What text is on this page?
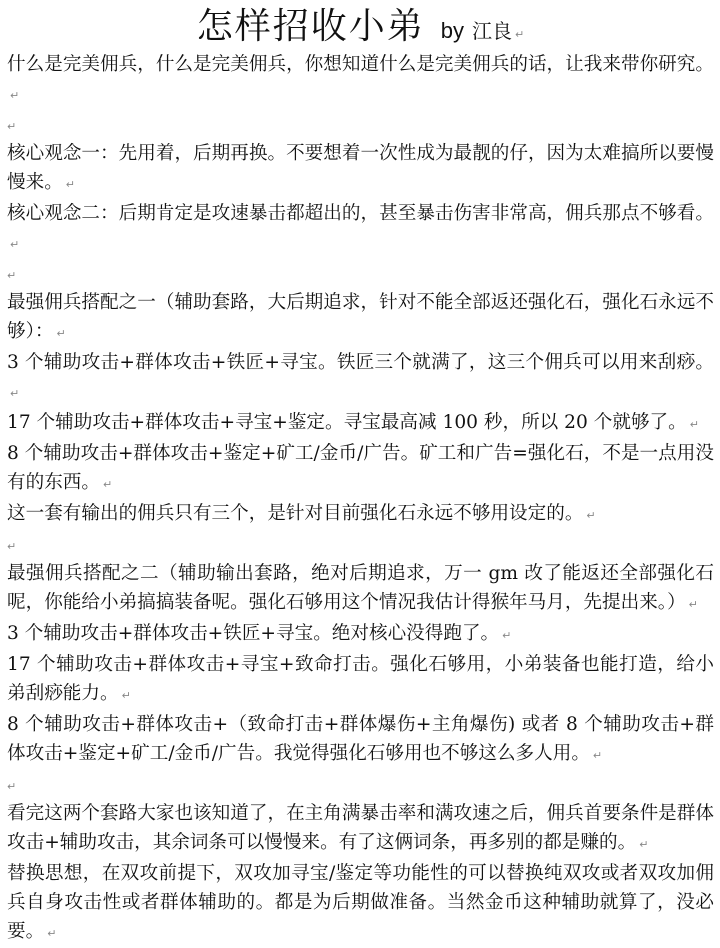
怎样招收小弟 by 江良 ↵

什么是完美佣兵，什么是完美佣兵，你想知道什么是完美佣兵的话，让我来带你研究。↵

↵

核心观念一：先用着，后期再换。不要想着一次性成为最靓的仔，因为太难搞所以要慢慢来。 ↵

核心观念二：后期肯定是攻速暴击都超出的，甚至暴击伤害非常高，佣兵那点不够看。↵

↵

最强佣兵搭配之一（辅助套路，大后期追求，针对不能全部返还强化石，强化石永远不够）： ↵

3 个辅助攻击+群体攻击+铁匠+寻宝。铁匠三个就满了，这三个佣兵可以用来刮痧。↵

17 个辅助攻击+群体攻击+寻宝+鉴定。寻宝最高减 100 秒，所以 20 个就够了。 ↵

8 个辅助攻击+群体攻击+鉴定+矿工/金币/广告。矿工和广告=强化石，不是一点用没有的东西。 ↵

这一套有输出的佣兵只有三个，是针对目前强化石永远不够用设定的。 ↵

↵

最强佣兵搭配之二（辅助输出套路，绝对后期追求，万一 gm 改了能返还全部强化石呢，你能给小弟搞搞装备呢。强化石够用这个情况我估计得猴年马月，先提出来。） ↵

3 个辅助攻击+群体攻击+铁匠+寻宝。绝对核心没得跑了。 ↵

17 个辅助攻击+群体攻击+寻宝+致命打击。强化石够用，小弟装备也能打造，给小弟刮痧能力。 ↵

8 个辅助攻击+群体攻击+（致命打击+群体爆伤+主角爆伤) 或者 8 个辅助攻击+群体攻击+鉴定+矿工/金币/广告。我觉得强化石够用也不够这么多人用。 ↵

↵

看完这两个套路大家也该知道了，在主角满暴击率和满攻速之后，佣兵首要条件是群体攻击+辅助攻击，其余词条可以慢慢来。有了这俩词条，再多别的都是赚的。 ↵

替换思想，在双攻前提下，双攻加寻宝/鉴定等功能性的可以替换纯双攻或者双攻加佣兵自身攻击性或者群体辅助的。都是为后期做准备。当然金币这种辅助就算了，没必要。 ↵
